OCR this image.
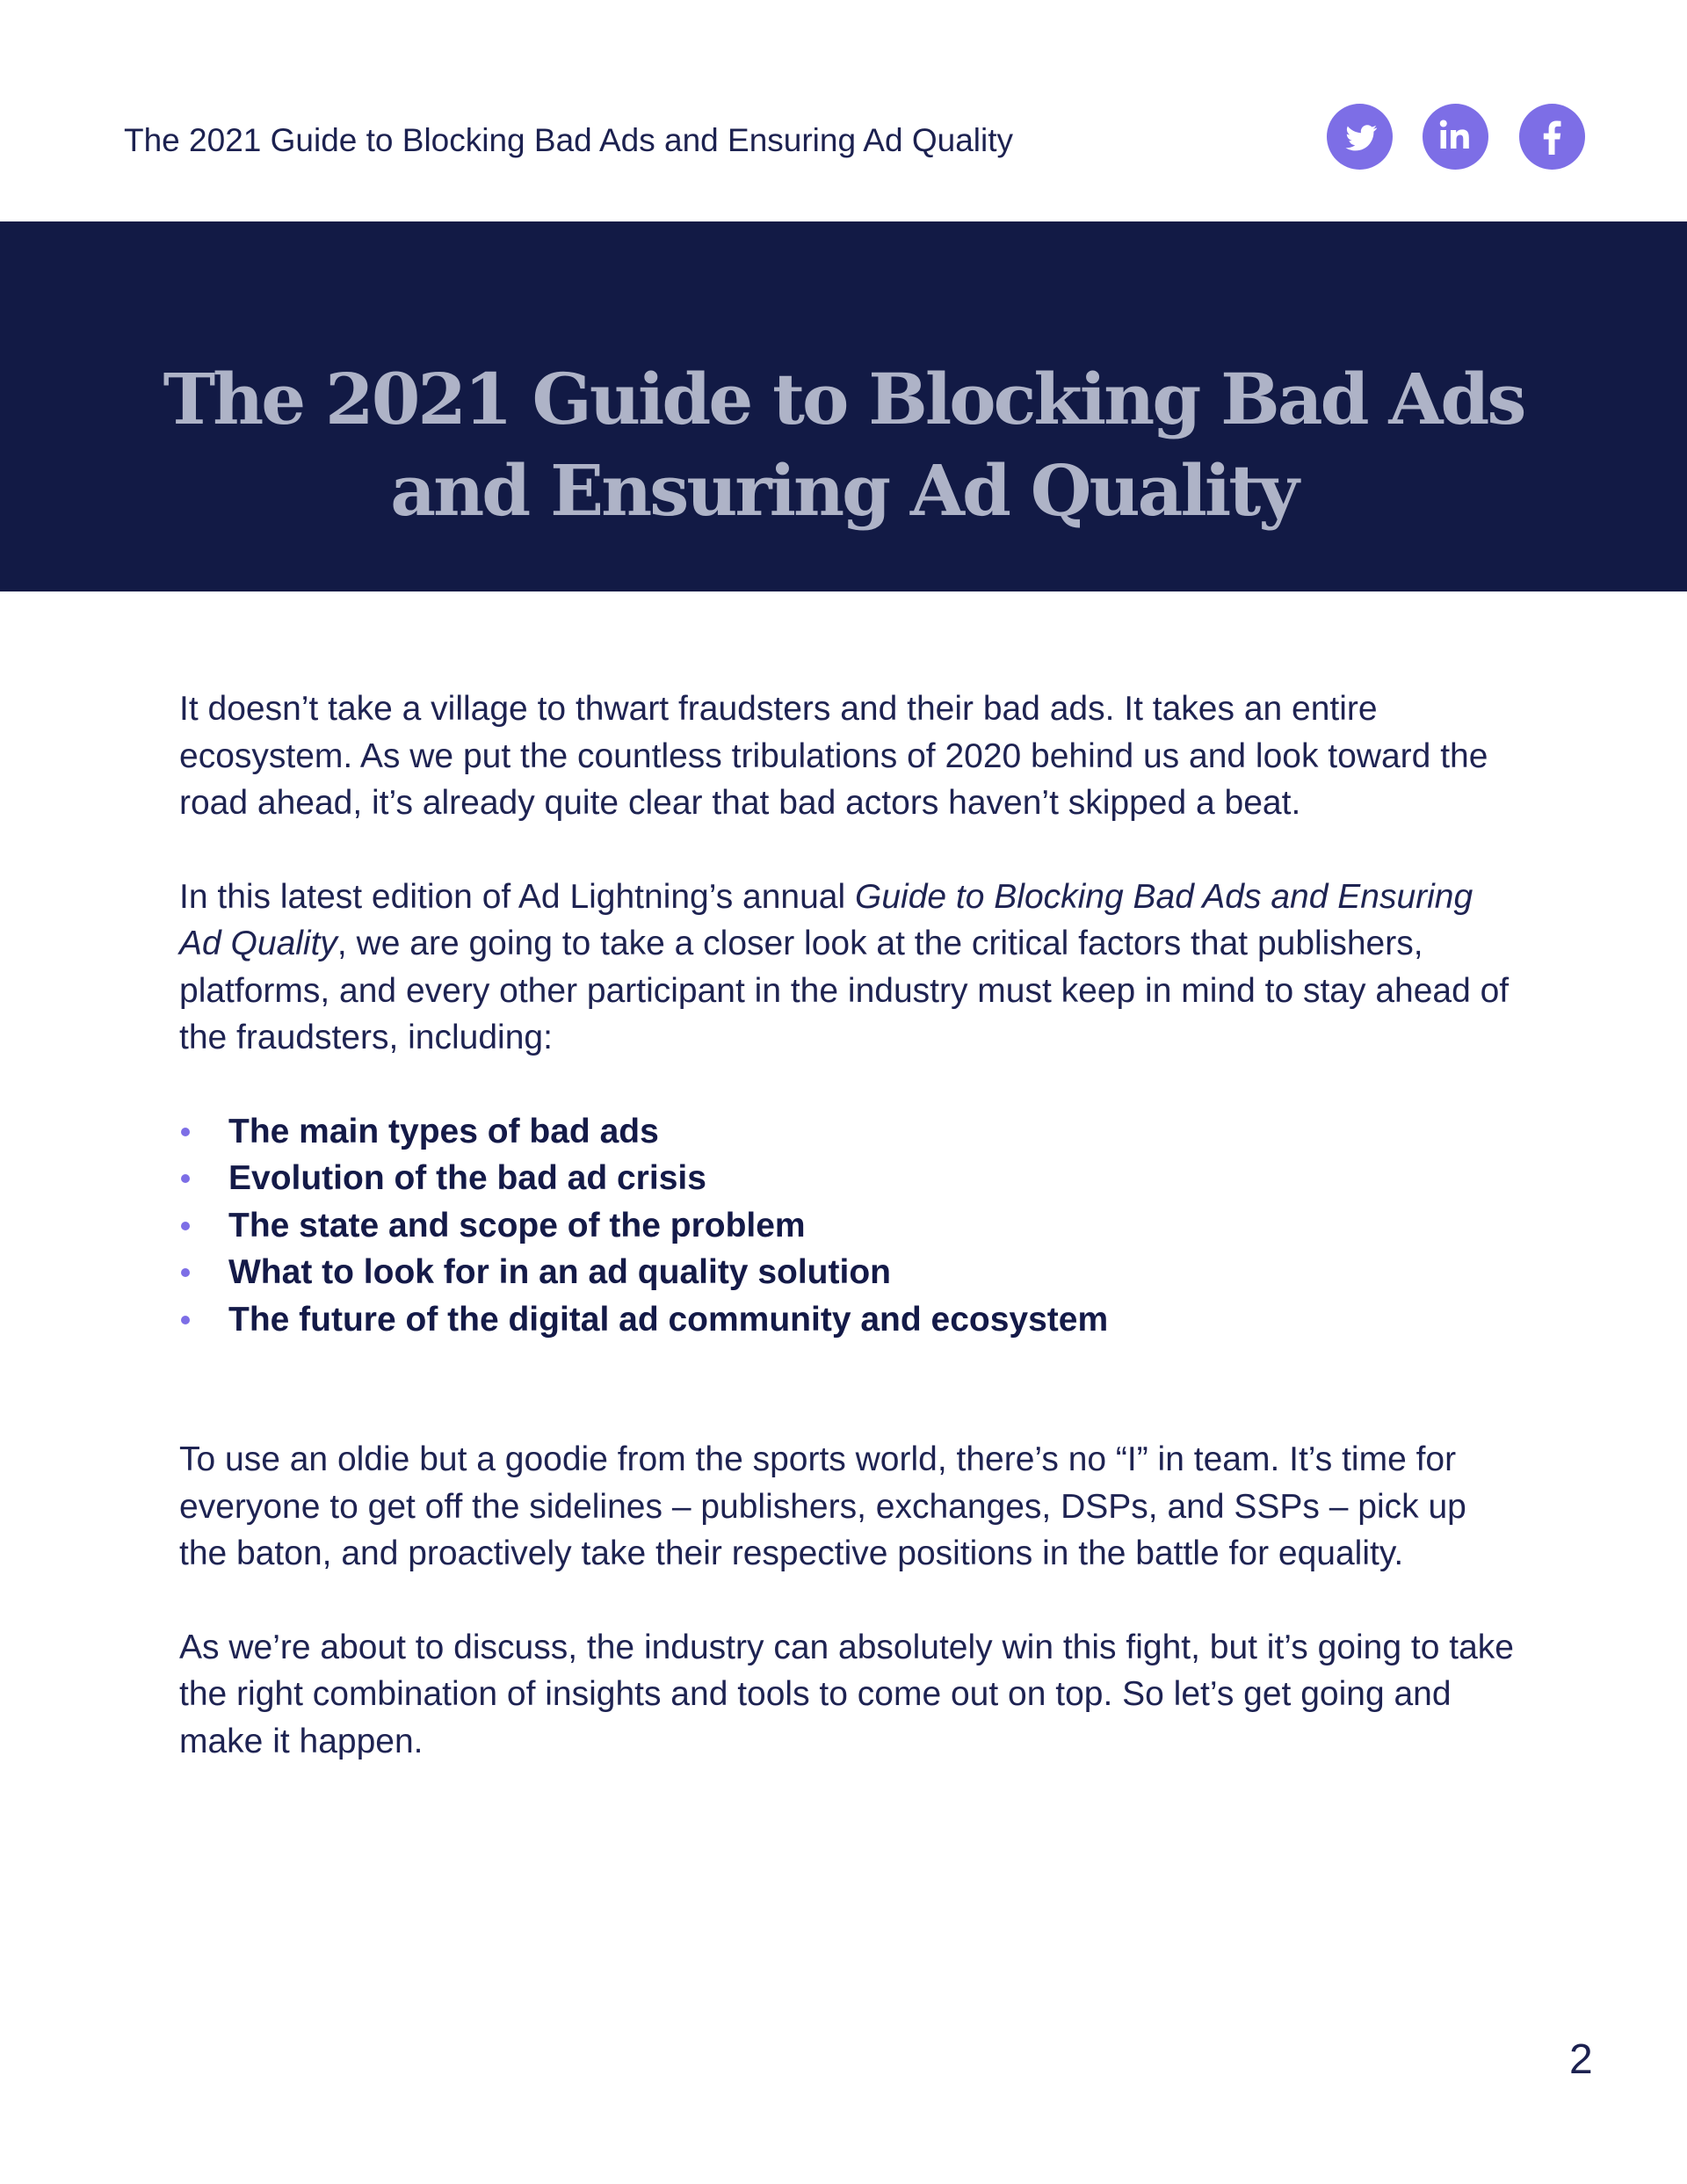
The 2021 Guide to Blocking Bad Ads and Ensuring Ad Quality
The 2021 Guide to Blocking Bad Ads
and Ensuring Ad Quality

It doesn’t take a village to thwart fraudsters and their bad ads. It takes an entire ecosystem. As we put the countless tribulations of 2020 behind us and look toward the road ahead, it’s already quite clear that bad actors haven’t skipped a beat.

In this latest edition of Ad Lightning’s annual Guide to Blocking Bad Ads and Ensuring Ad Quality, we are going to take a closer look at the critical factors that publishers, platforms, and every other participant in the industry must keep in mind to stay ahead of the fraudsters, including:

The main types of bad ads
Evolution of the bad ad crisis
The state and scope of the problem
What to look for in an ad quality solution
The future of the digital ad community and ecosystem

To use an oldie but a goodie from the sports world, there’s no “I” in team. It’s time for everyone to get off the sidelines – publishers, exchanges, DSPs, and SSPs – pick up the baton, and proactively take their respective positions in the battle for equality.

As we’re about to discuss, the industry can absolutely win this fight, but it’s going to take the right combination of insights and tools to come out on top. So let’s get going and make it happen.

2
